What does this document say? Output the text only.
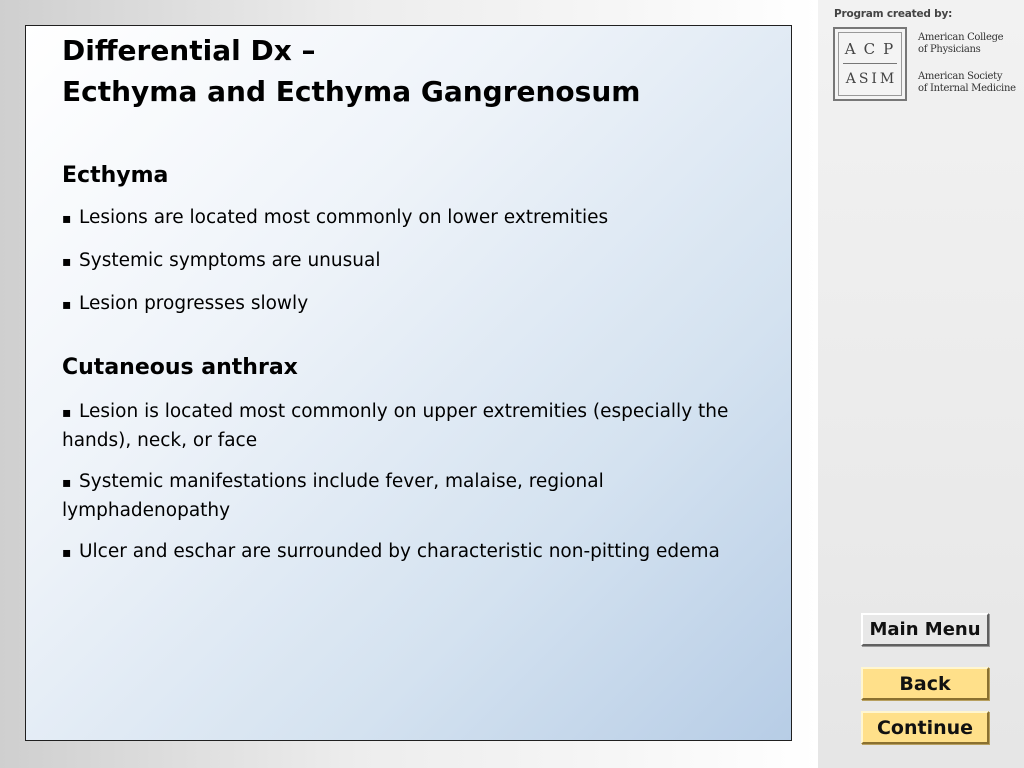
Differential Dx –

Ecthyma and Ecthyma Gangrenosum

Ecthyma

▪ Lesions are located most commonly on lower extremities

▪ Systemic symptoms are unusual

▪ Lesion progresses slowly

Cutaneous anthrax

▪ Lesion is located most commonly on upper extremities (especially the hands), neck, or face

▪ Systemic manifestations include fever, malaise, regional lymphadenopathy

▪ Ulcer and eschar are surrounded by characteristic non-pitting edema

Program created by:
ACP
ASIM
American College
of Physicians
American Society
of Internal Medicine
Main Menu
Back
Continue
